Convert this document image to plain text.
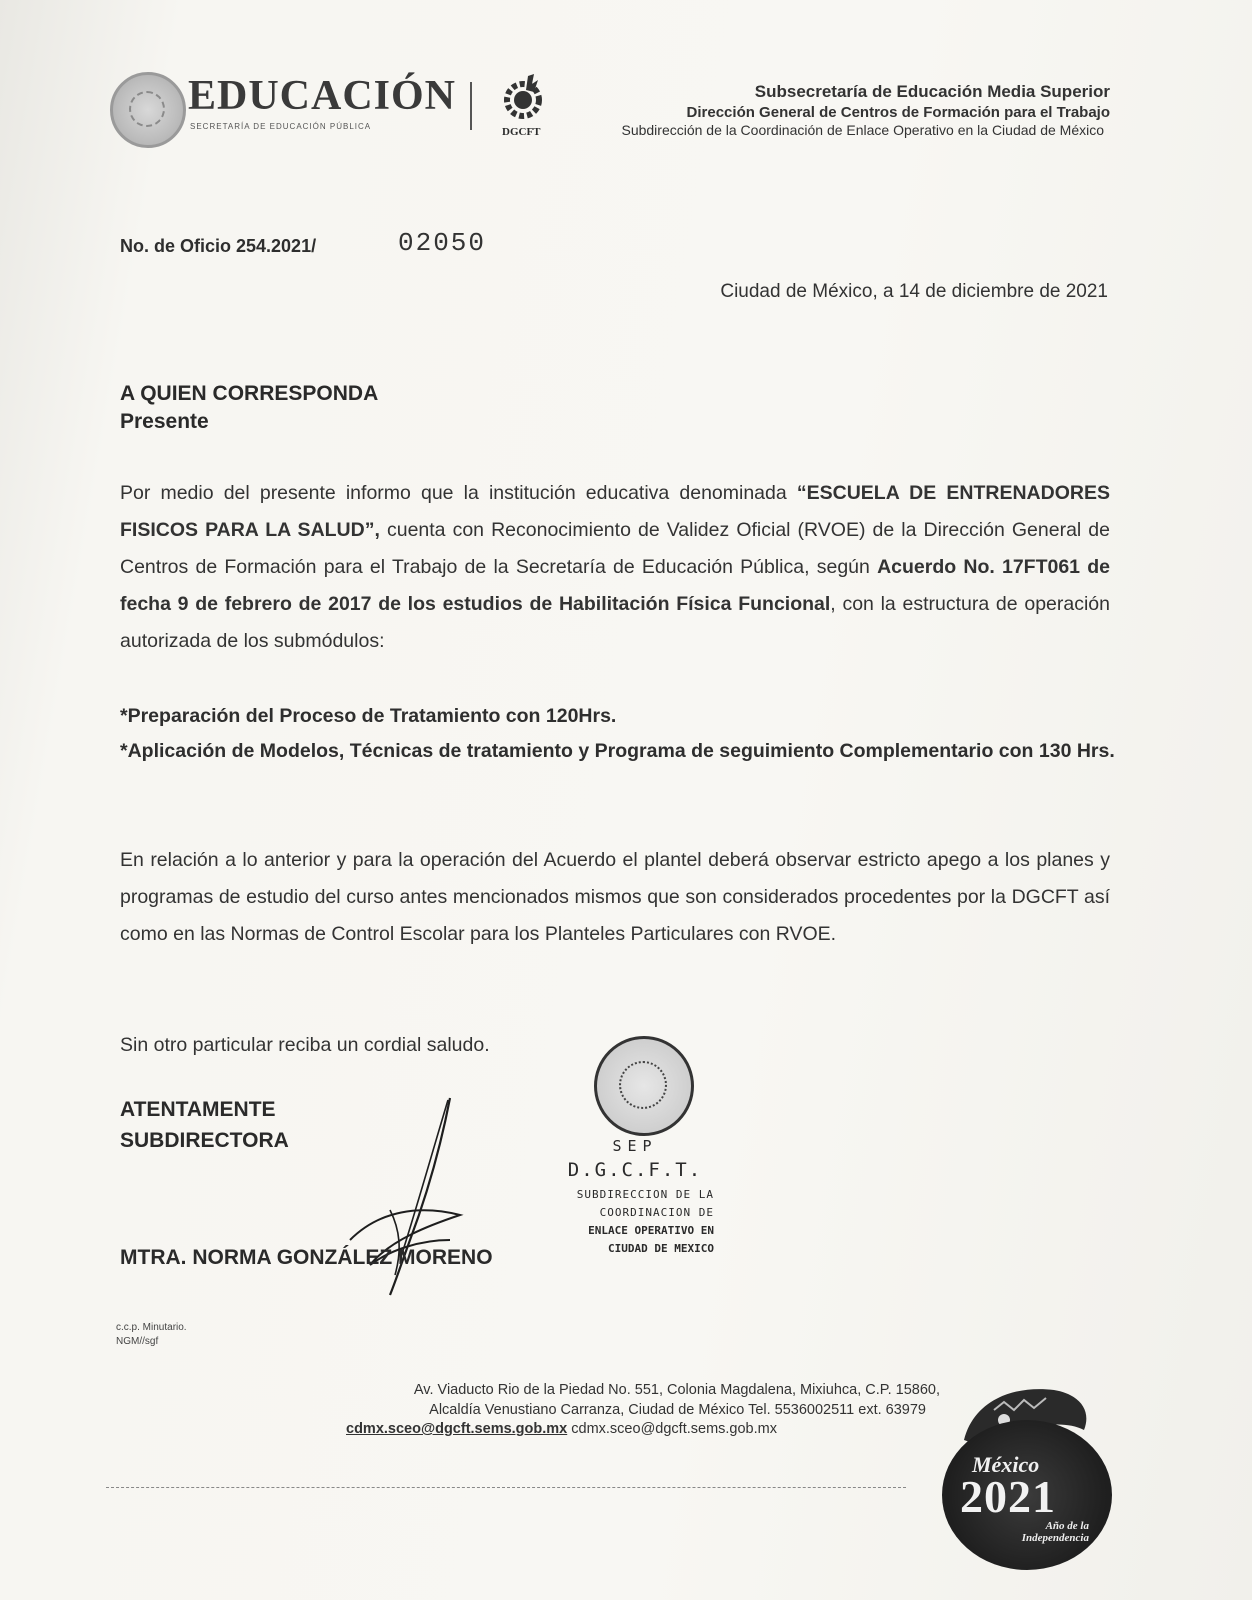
EDUCACIÓN
SECRETARÍA DE EDUCACIÓN PÚBLICA	DGCFT
Subsecretaría de Educación Media Superior
Dirección General de Centros de Formación para el Trabajo
Subdirección de la Coordinación de Enlace Operativo en la Ciudad de México
No. de Oficio 254.2021/	02050
Ciudad de México, a 14 de diciembre de 2021
A QUIEN CORRESPONDA
Presente
Por medio del presente informo que la institución educativa denominada “ESCUELA DE ENTRENADORES FISICOS PARA LA SALUD”, cuenta con Reconocimiento de Validez Oficial (RVOE) de la Dirección General de Centros de Formación para el Trabajo de la Secretaría de Educación Pública, según Acuerdo No. 17FT061 de fecha 9 de febrero de 2017 de los estudios de Habilitación Física Funcional, con la estructura de operación autorizada de los submódulos:
*Preparación del Proceso de Tratamiento con 120Hrs.
*Aplicación de Modelos, Técnicas de tratamiento y Programa de seguimiento Complementario con 130 Hrs.
En relación a lo anterior y para la operación del Acuerdo el plantel deberá observar estricto apego a los planes y programas de estudio del curso antes mencionados mismos que son considerados procedentes por la DGCFT así como en las Normas de Control Escolar para los Planteles Particulares con RVOE.
Sin otro particular reciba un cordial saludo.
ATENTAMENTE
SUBDIRECTORA
MTRA. NORMA GONZÁLEZ MORENO
SEP
D.G.C.F.T.
SUBDIRECCION DE LA
COORDINACION DE
ENLACE OPERATIVO EN
CIUDAD DE MEXICO
c.c.p. Minutario.
NGM//sgf
Av. Viaducto Rio de la Piedad No. 551, Colonia Magdalena, Mixiuhca, C.P. 15860,
Alcaldía Venustiano Carranza, Ciudad de México Tel. 5536002511 ext. 63979
cdmx.sceo@dgcft.sems.gob.mx cdmx.sceo@dgcft.sems.gob.mx
México
2021
Año de la
Independencia
